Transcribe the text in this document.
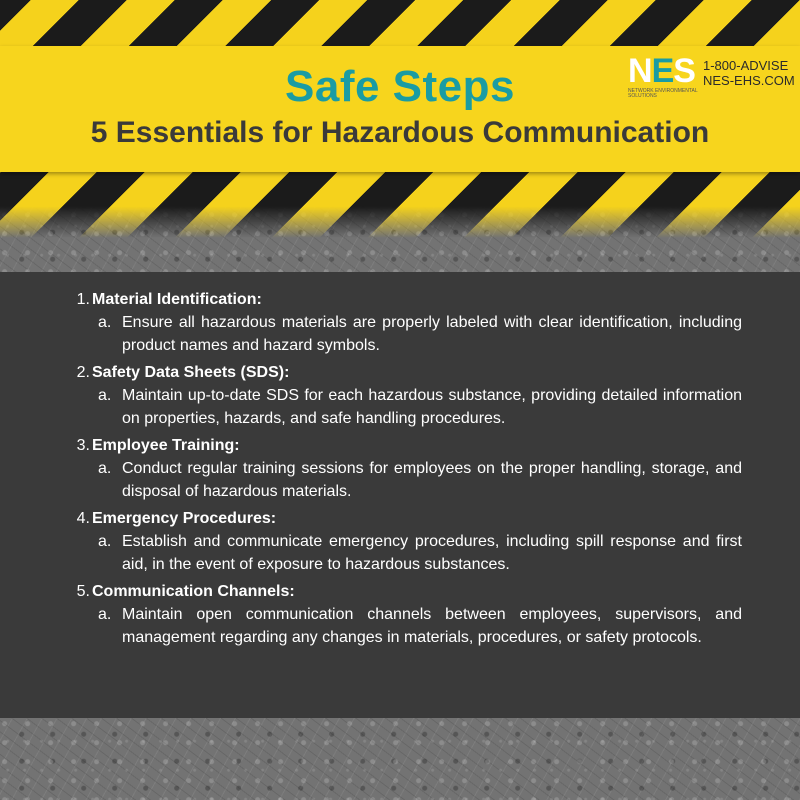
Safe Steps
5 Essentials for Hazardous Communication
N E S
NETWORK ENVIRONMENTAL SOLUTIONS
1-800-ADVISE
NES-EHS.COM
1. Material Identification:
a. Ensure all hazardous materials are properly labeled with clear identification, including product names and hazard symbols.
2. Safety Data Sheets (SDS):
a. Maintain up-to-date SDS for each hazardous substance, providing detailed information on properties, hazards, and safe handling procedures.
3. Employee Training:
a. Conduct regular training sessions for employees on the proper handling, storage, and disposal of hazardous materials.
4. Emergency Procedures:
a. Establish and communicate emergency procedures, including spill response and first aid, in the event of exposure to hazardous substances.
5. Communication Channels:
a. Maintain open communication channels between employees, supervisors, and management regarding any changes in materials, procedures, or safety protocols.
